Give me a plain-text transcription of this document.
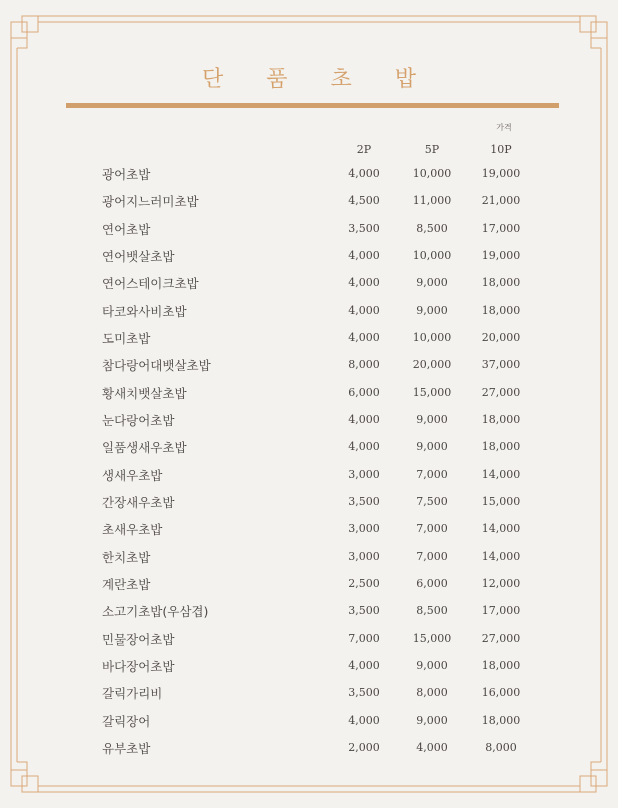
단 품 초 밥
가격
2P	5P	10P
광어초밥	4,000	10,000	19,000
광어지느러미초밥	4,500	11,000	21,000
연어초밥	3,500	8,500	17,000
연어뱃살초밥	4,000	10,000	19,000
연어스테이크초밥	4,000	9,000	18,000
타코와사비초밥	4,000	9,000	18,000
도미초밥	4,000	10,000	20,000
참다랑어대뱃살초밥	8,000	20,000	37,000
황새치뱃살초밥	6,000	15,000	27,000
눈다랑어초밥	4,000	9,000	18,000
일품생새우초밥	4,000	9,000	18,000
생새우초밥	3,000	7,000	14,000
간장새우초밥	3,500	7,500	15,000
초새우초밥	3,000	7,000	14,000
한치초밥	3,000	7,000	14,000
계란초밥	2,500	6,000	12,000
소고기초밥(우삼겹)	3,500	8,500	17,000
민물장어초밥	7,000	15,000	27,000
바다장어초밥	4,000	9,000	18,000
갈릭가리비	3,500	8,000	16,000
갈릭장어	4,000	9,000	18,000
유부초밥	2,000	4,000	8,000
